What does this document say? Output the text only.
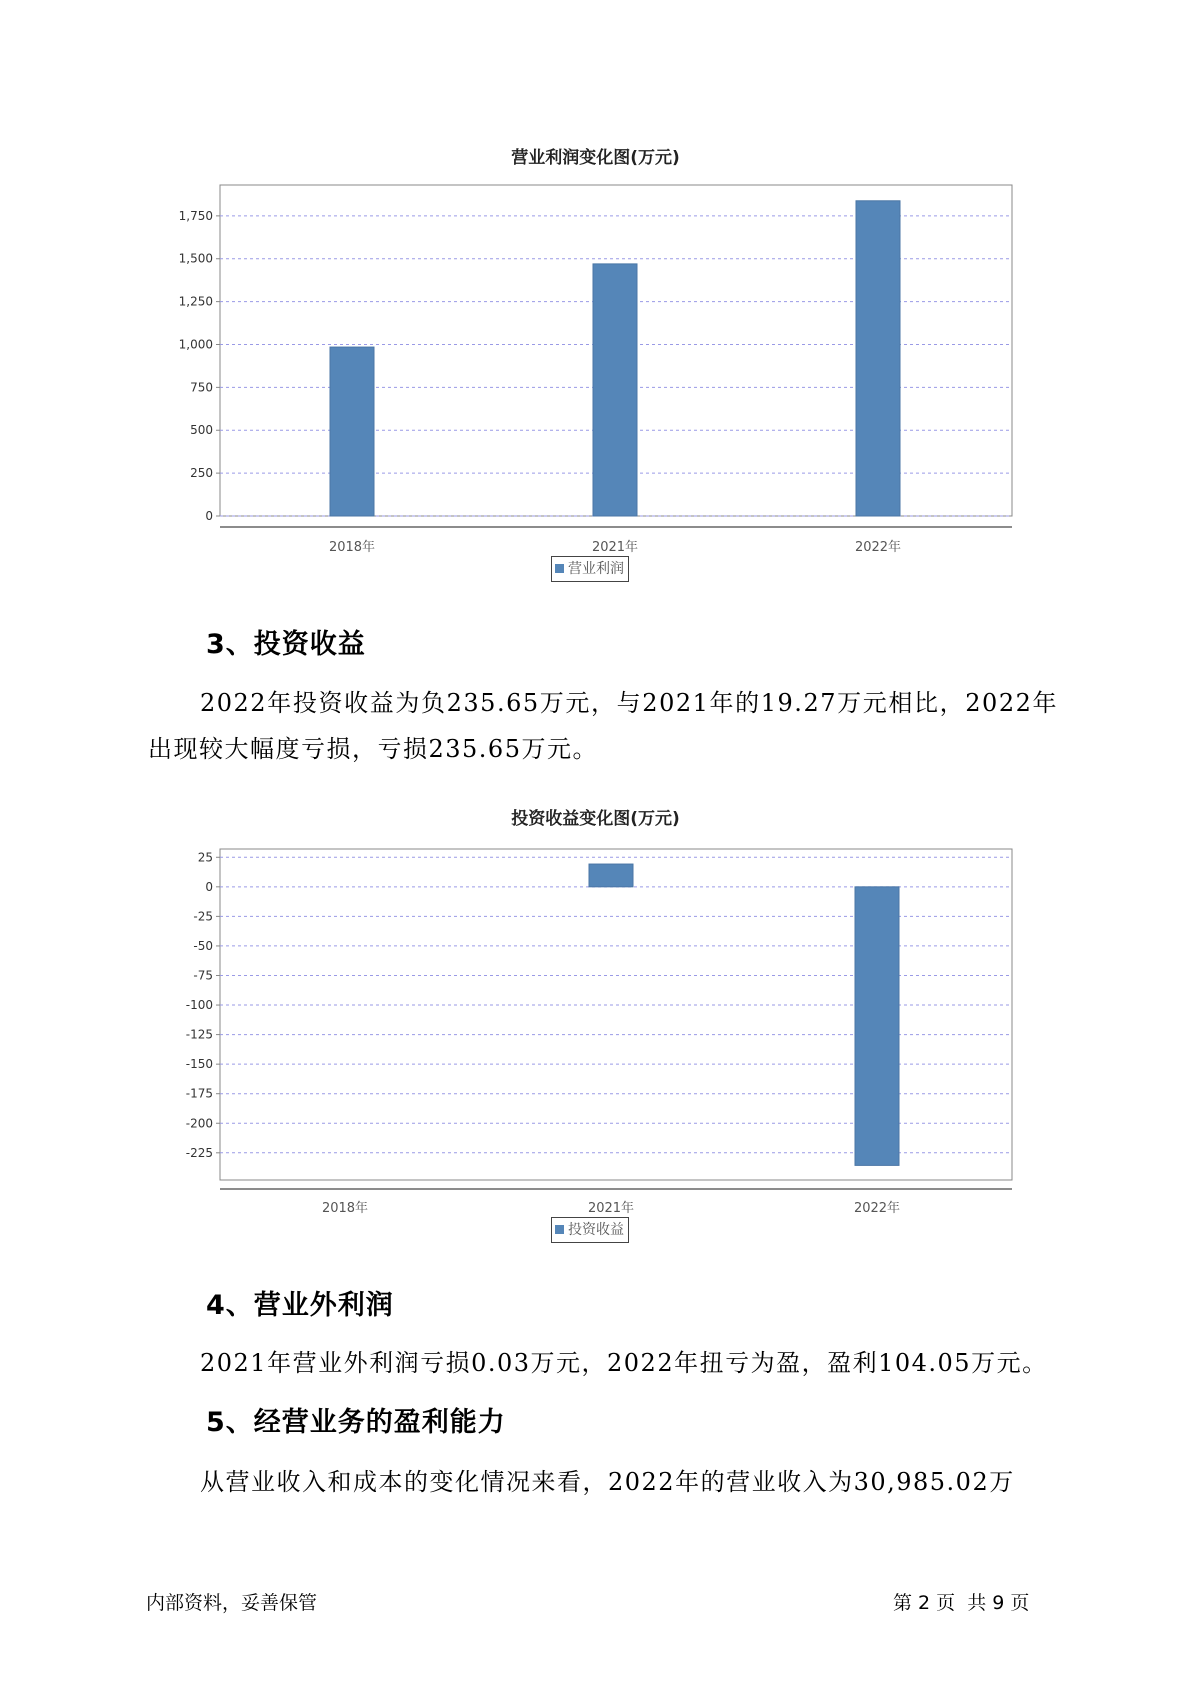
营业利润变化图(万元)
0
250
500
750
1,000
1,250
1,500
1,750
2018年	2021年	2022年
营业利润
3、投资收益
2022年投资收益为负235.65万元，与2021年的19.27万元相比，2022年出现较大幅度亏损，亏损235.65万元。
投资收益变化图(万元)
25
0
-25
-50
-75
-100
-125
-150
-175
-200
-225
2018年	2021年	2022年
投资收益
4、营业外利润
2021年营业外利润亏损0.03万元，2022年扭亏为盈，盈利104.05万元。
5、经营业务的盈利能力
从营业收入和成本的变化情况来看，2022年的营业收入为30,985.02万
内部资料，妥善保管	第 2 页  共 9 页
